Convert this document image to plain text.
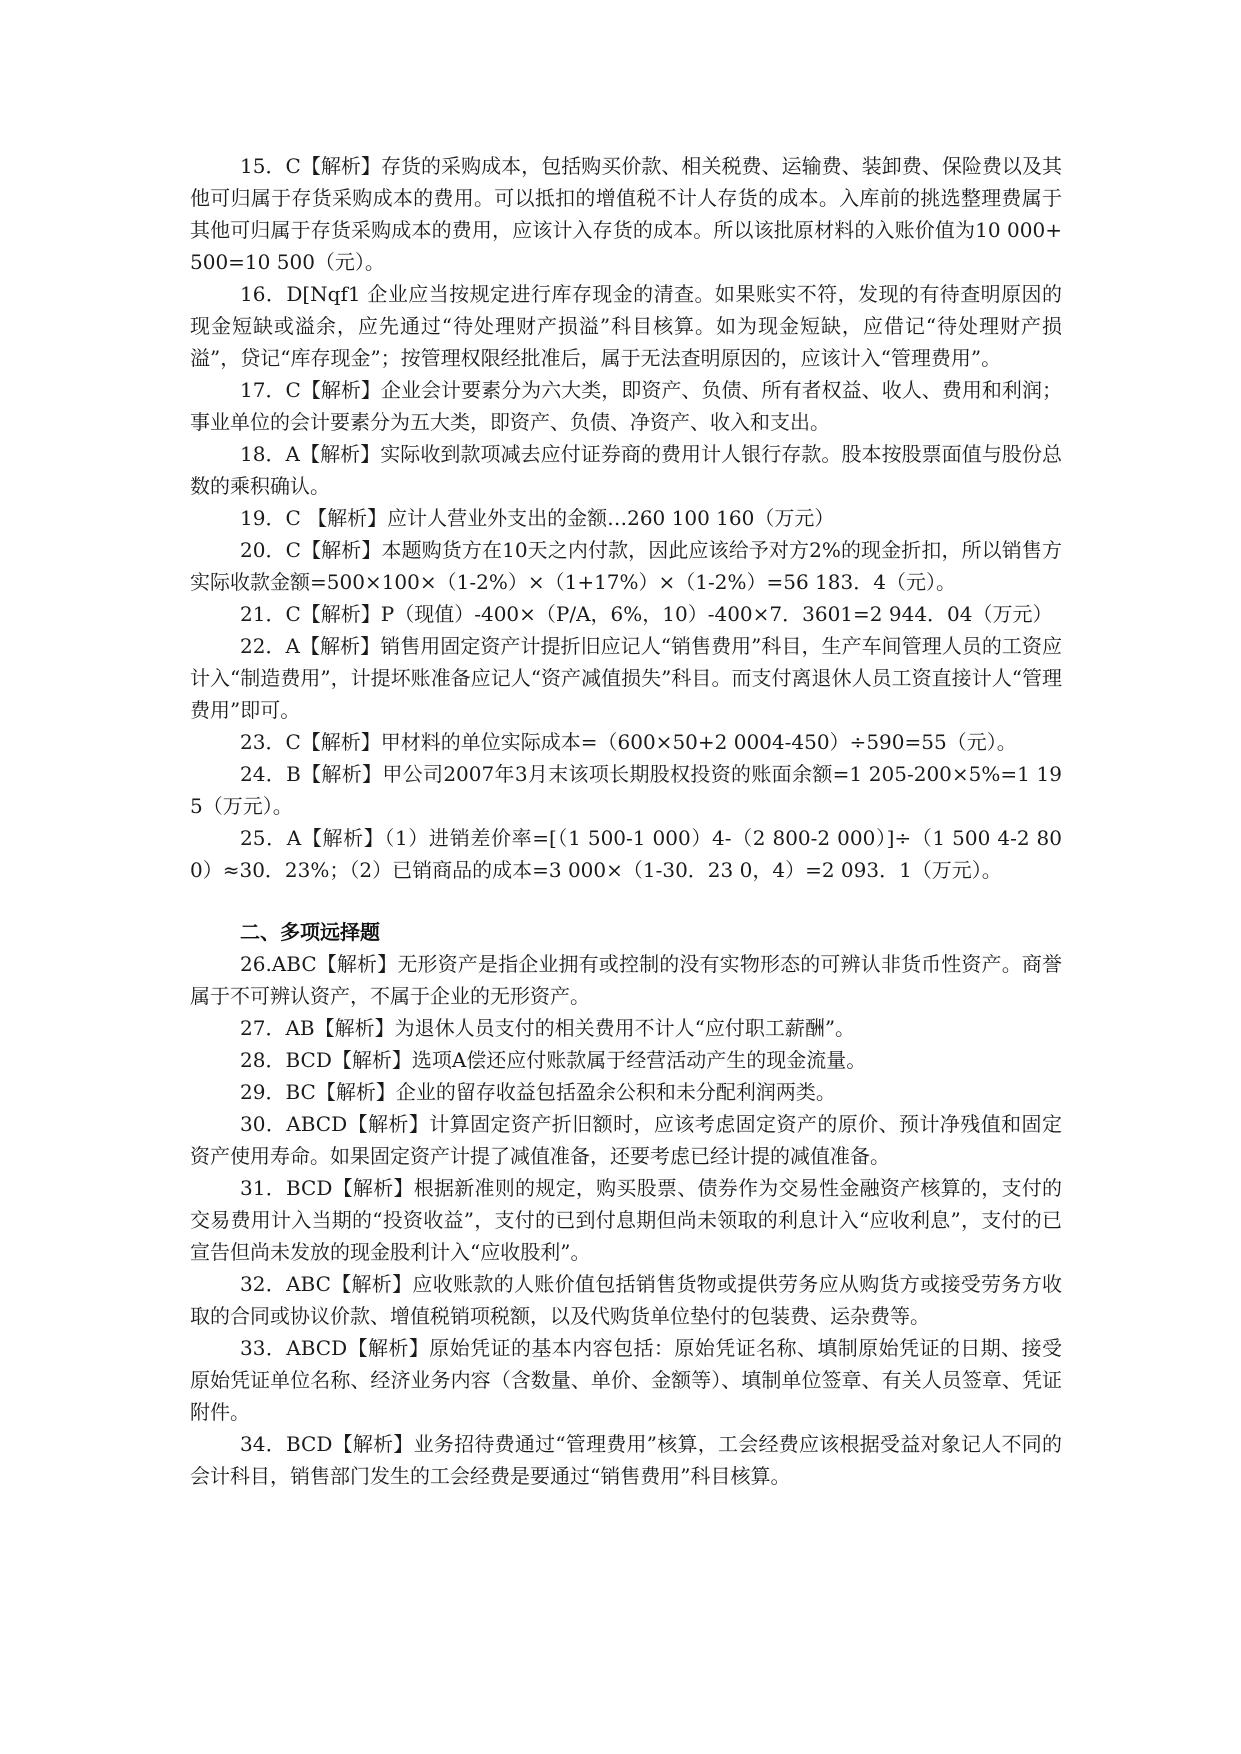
15．C【解析】存货的采购成本，包括购买价款、相关税费、运输费、装卸费、保险费以及其他可归属于存货采购成本的费用。可以抵扣的增值税不计人存货的成本。入库前的挑选整理费属于其他可归属于存货采购成本的费用，应该计入存货的成本。所以该批原材料的入账价值为10 000+500=10 500（元）。

16．D[Nqf1 企业应当按规定进行库存现金的清查。如果账实不符，发现的有待查明原因的现金短缺或溢余，应先通过“待处理财产损溢”科目核算。如为现金短缺，应借记“待处理财产损溢”，贷记“库存现金”；按管理权限经批准后，属于无法查明原因的，应该计入“管理费用”。

17．C【解析】企业会计要素分为六大类，即资产、负债、所有者权益、收人、费用和利润；事业单位的会计要素分为五大类，即资产、负债、净资产、收入和支出。

18．A【解析】实际收到款项减去应付证券商的费用计人银行存款。股本按股票面值与股份总数的乘积确认。

19．C 【解析】应计人营业外支出的金额…260 100 160（万元）

20．C【解析】本题购货方在10天之内付款，因此应该给予对方2%的现金折扣，所以销售方实际收款金额=500×100×（1-2%）×（1+17%）×（1-2%）=56 183．4（元）。

21．C【解析】P（现值）-400×（P/A，6%，10）-400×7．3601=2 944．04（万元）

22．A【解析】销售用固定资产计提折旧应记人“销售费用”科目，生产车间管理人员的工资应计入“制造费用”，计提坏账准备应记人“资产减值损失”科目。而支付离退休人员工资直接计人“管理费用”即可。

23．C【解析】甲材料的单位实际成本=（600×50+2 0004-450）÷590=55（元）。

24．B【解析】甲公司2007年3月末该项长期股权投资的账面余额=1 205-200×5%=1 195（万元）。

25．A【解析】（1）进销差价率=[（1 500-1 000）4-（2 800-2 000）]÷（1 500 4-2 800）≈30．23%；（2）已销商品的成本=3 000×（1-30．23 0，4）=2 093．1（万元）。

二、多项远择题

26.ABC【解析】无形资产是指企业拥有或控制的没有实物形态的可辨认非货币性资产。商誉属于不可辨认资产，不属于企业的无形资产。

27．AB【解析】为退休人员支付的相关费用不计人“应付职工薪酬”。

28．BCD【解析】选项A偿还应付账款属于经营活动产生的现金流量。

29．BC【解析】企业的留存收益包括盈余公积和未分配利润两类。

30．ABCD【解析】计算固定资产折旧额时，应该考虑固定资产的原价、预计净残值和固定资产使用寿命。如果固定资产计提了减值准备，还要考虑已经计提的减值准备。

31．BCD【解析】根据新准则的规定，购买股票、债券作为交易性金融资产核算的，支付的交易费用计入当期的“投资收益”，支付的已到付息期但尚未领取的利息计入“应收利息”，支付的已宣告但尚未发放的现金股利计入“应收股利”。

32．ABC【解析】应收账款的人账价值包括销售货物或提供劳务应从购货方或接受劳务方收取的合同或协议价款、增值税销项税额，以及代购货单位垫付的包装费、运杂费等。

33．ABCD【解析】原始凭证的基本内容包括：原始凭证名称、填制原始凭证的日期、接受原始凭证单位名称、经济业务内容（含数量、单价、金额等）、填制单位签章、有关人员签章、凭证附件。

34．BCD【解析】业务招待费通过“管理费用”核算，工会经费应该根据受益对象记人不同的会计科目，销售部门发生的工会经费是要通过“销售费用”科目核算。
